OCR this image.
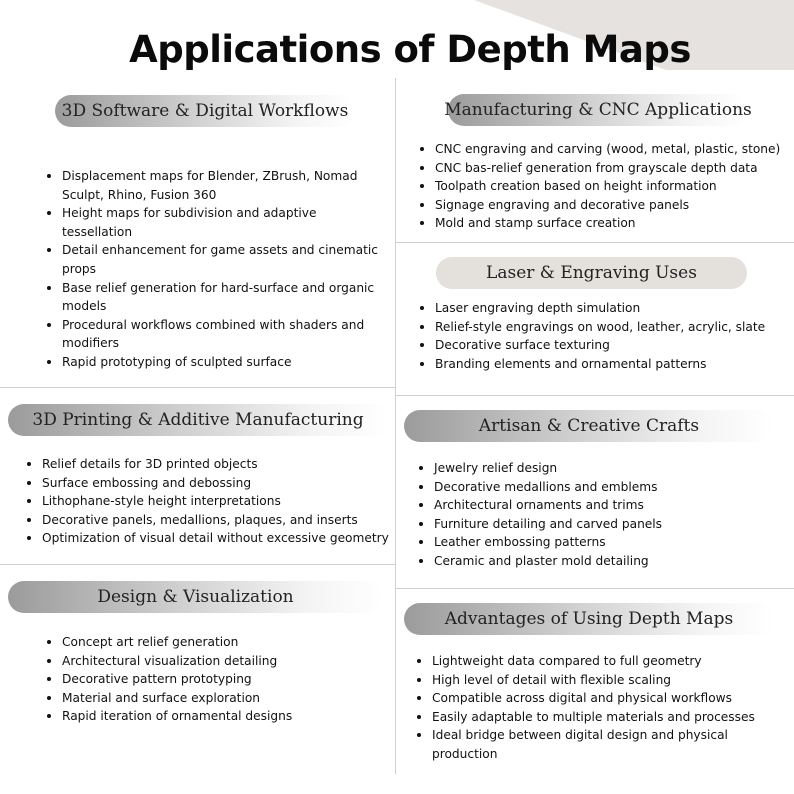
Applications of Depth Maps
3D Software & Digital Workflows
Displacement maps for Blender, ZBrush, Nomad Sculpt, Rhino, Fusion 360
Height maps for subdivision and adaptive tessellation
Detail enhancement for game assets and cinematic props
Base relief generation for hard-surface and organic models
Procedural workflows combined with shaders and modifiers
Rapid prototyping of sculpted surface
3D Printing & Additive Manufacturing
Relief details for 3D printed objects
Surface embossing and debossing
Lithophane-style height interpretations
Decorative panels, medallions, plaques, and inserts
Optimization of visual detail without excessive geometry
Design & Visualization
Concept art relief generation
Architectural visualization detailing
Decorative pattern prototyping
Material and surface exploration
Rapid iteration of ornamental designs
Manufacturing & CNC Applications
CNC engraving and carving (wood, metal, plastic, stone)
CNC bas-relief generation from grayscale depth data
Toolpath creation based on height information
Signage engraving and decorative panels
Mold and stamp surface creation
Laser & Engraving Uses
Laser engraving depth simulation
Relief-style engravings on wood, leather, acrylic, slate
Decorative surface texturing
Branding elements and ornamental patterns
Artisan & Creative Crafts
Jewelry relief design
Decorative medallions and emblems
Architectural ornaments and trims
Furniture detailing and carved panels
Leather embossing patterns
Ceramic and plaster mold detailing
Advantages of Using Depth Maps
Lightweight data compared to full geometry
High level of detail with flexible scaling
Compatible across digital and physical workflows
Easily adaptable to multiple materials and processes
Ideal bridge between digital design and physical production
